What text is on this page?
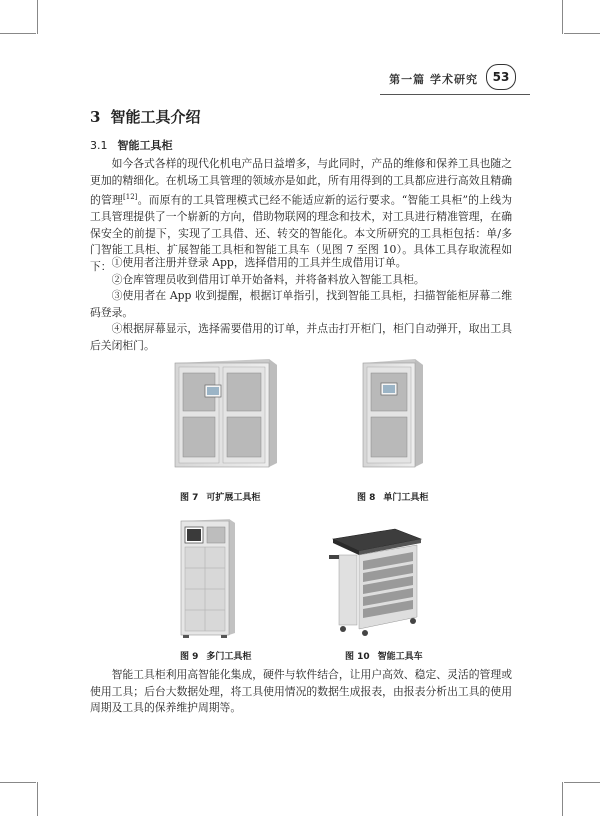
第一篇 学术研究	53
3 智能工具介绍
3.1 智能工具柜
如今各式各样的现代化机电产品日益增多，与此同时，产品的维修和保养工具也随之更加的精细化。在机场工具管理的领域亦是如此，所有用得到的工具都应进行高效且精确的管理[12]。而原有的工具管理模式已经不能适应新的运行要求。“智能工具柜”的上线为工具管理提供了一个崭新的方向，借助物联网的理念和技术，对工具进行精准管理，在确保安全的前提下，实现了工具借、还、转交的智能化。本文所研究的工具柜包括：单/多门智能工具柜、扩展智能工具柜和智能工具车（见图 7 至图 10）。具体工具存取流程如下： ①使用者注册并登录 App，选择借用的工具并生成借用订单。
②仓库管理员收到借用订单开始备料，并将备料放入智能工具柜。
③使用者在 App 收到提醒，根据订单指引，找到智能工具柜，扫描智能柜屏幕二维码登录。
④根据屏幕显示，选择需要借用的订单，并点击打开柜门，柜门自动弹开，取出工具后关闭柜门。
图 7 可扩展工具柜	图 8 单门工具柜
图 9 多门工具柜	图 10 智能工具车
智能工具柜利用高智能化集成，硬件与软件结合，让用户高效、稳定、灵活的管理或使用工具；后台大数据处理，将工具使用情况的数据生成报表，由报表分析出工具的使用周期及工具的保养维护周期等。
